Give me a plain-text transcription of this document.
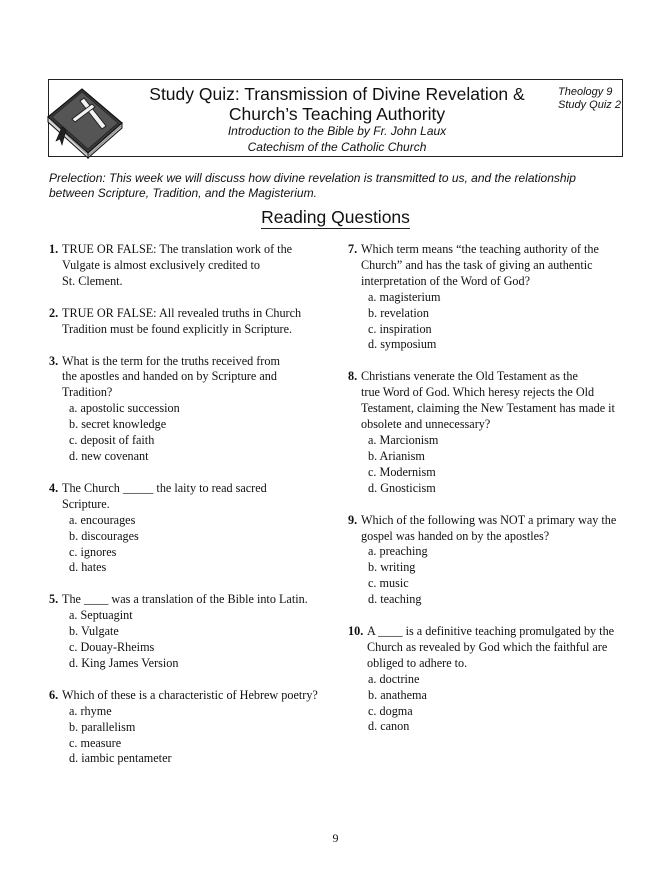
Study Quiz: Transmission of Divine Revelation &
Church’s Teaching Authority
Introduction to the Bible by Fr. John Laux
Catechism of the Catholic Church
Theology 9
Study Quiz 2
Prelection: This week we will discuss how divine revelation is transmitted to us, and the relationship
between Scripture, Tradition, and the Magisterium.
Reading Questions
1. TRUE OR FALSE: The translation work of the
Vulgate is almost exclusively credited to
St. Clement.
2. TRUE OR FALSE: All revealed truths in Church
Tradition must be found explicitly in Scripture.
3. What is the term for the truths received from
the apostles and handed on by Scripture and
Tradition?
a. apostolic succession
b. secret knowledge
c. deposit of faith
d. new covenant
4. The Church _____ the laity to read sacred
Scripture.
a. encourages
b. discourages
c. ignores
d. hates
5. The ____ was a translation of the Bible into Latin.
a. Septuagint
b. Vulgate
c. Douay-Rheims
d. King James Version
6. Which of these is a characteristic of Hebrew poetry?
a. rhyme
b. parallelism
c. measure
d. iambic pentameter
7. Which term means “the teaching authority of the
Church” and has the task of giving an authentic
interpretation of the Word of God?
a. magisterium
b. revelation
c. inspiration
d. symposium
8. Christians venerate the Old Testament as the
true Word of God. Which heresy rejects the Old
Testament, claiming the New Testament has made it
obsolete and unnecessary?
a. Marcionism
b. Arianism
c. Modernism
d. Gnosticism
9. Which of the following was NOT a primary way the
gospel was handed on by the apostles?
a. preaching
b. writing
c. music
d. teaching
10. A ____ is a definitive teaching promulgated by the
Church as revealed by God which the faithful are
obliged to adhere to.
a. doctrine
b. anathema
c. dogma
d. canon
9
